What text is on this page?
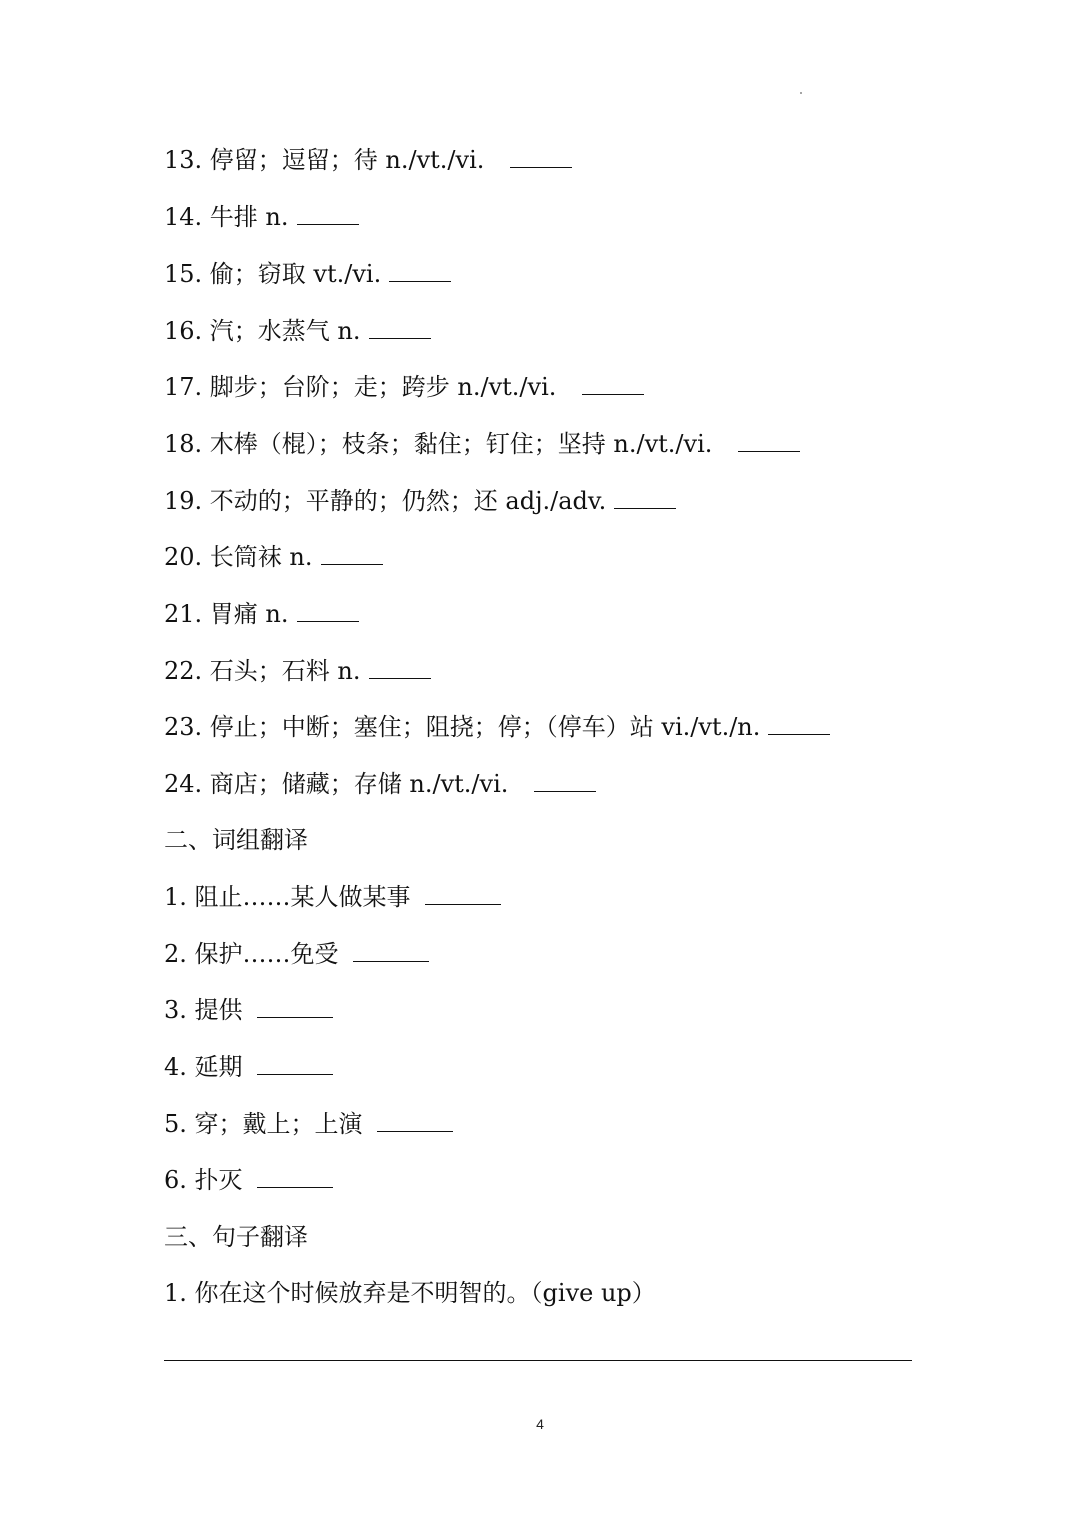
13. 停留；逗留；待 n./vt./vi.
14. 牛排 n.
15. 偷；窃取 vt./vi.
16. 汽；水蒸气 n.
17. 脚步；台阶；走；跨步 n./vt./vi.
18. 木棒（棍）；枝条；黏住；钉住；坚持 n./vt./vi.
19. 不动的；平静的；仍然；还 adj./adv.
20. 长筒袜 n.
21. 胃痛 n.
22. 石头；石料 n.
23. 停止；中断；塞住；阻挠；停；（停车）站 vi./vt./n.
24. 商店；储藏；存储 n./vt./vi.
二、词组翻译
1. 阻止……某人做某事
2. 保护……免受
3. 提供
4. 延期
5. 穿；戴上；上演
6. 扑灭
三、句子翻译
1. 你在这个时候放弃是不明智的。（give up）
4
